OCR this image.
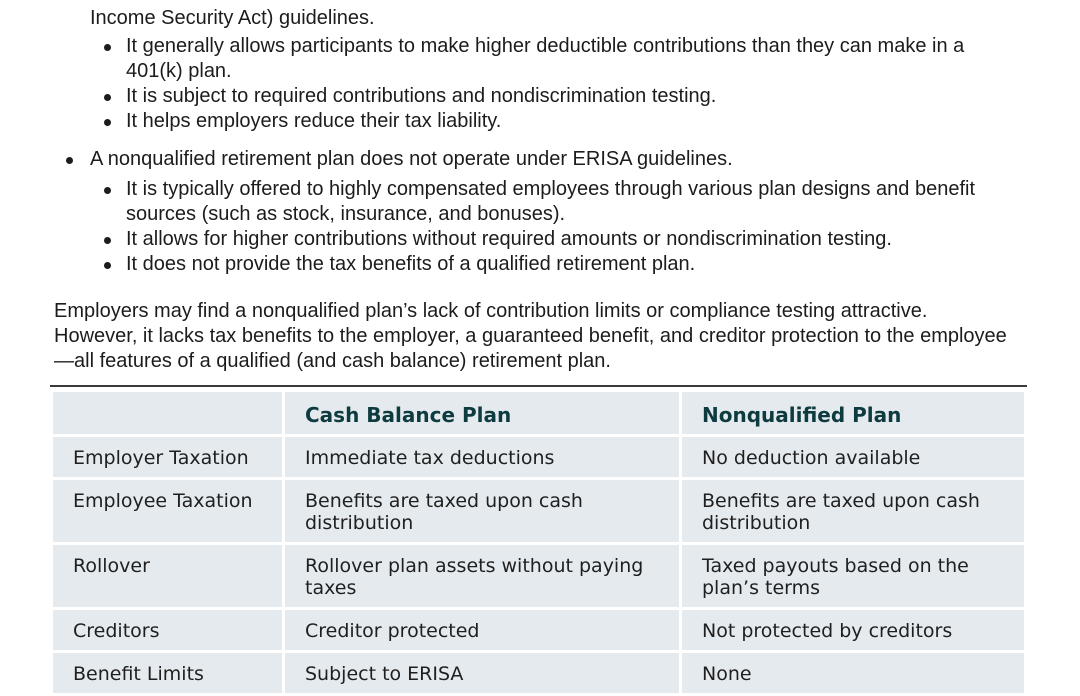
Income Security Act) guidelines.
It generally allows participants to make higher deductible contributions than they can make in a 401(k) plan.
It is subject to required contributions and nondiscrimination testing.
It helps employers reduce their tax liability.
A nonqualified retirement plan does not operate under ERISA guidelines.
It is typically offered to highly compensated employees through various plan designs and benefit sources (such as stock, insurance, and bonuses).
It allows for higher contributions without required amounts or nondiscrimination testing.
It does not provide the tax benefits of a qualified retirement plan.

Employers may find a nonqualified plan’s lack of contribution limits or compliance testing attractive. However, it lacks tax benefits to the employer, a guaranteed benefit, and creditor protection to the employee—all features of a qualified (and cash balance) retirement plan.

	Cash Balance Plan	Nonqualified Plan
Employer Taxation	Immediate tax deductions	No deduction available
Employee Taxation	Benefits are taxed upon cash distribution	Benefits are taxed upon cash distribution
Rollover	Rollover plan assets without paying taxes	Taxed payouts based on the plan’s terms
Creditors	Creditor protected	Not protected by creditors
Benefit Limits	Subject to ERISA	None
